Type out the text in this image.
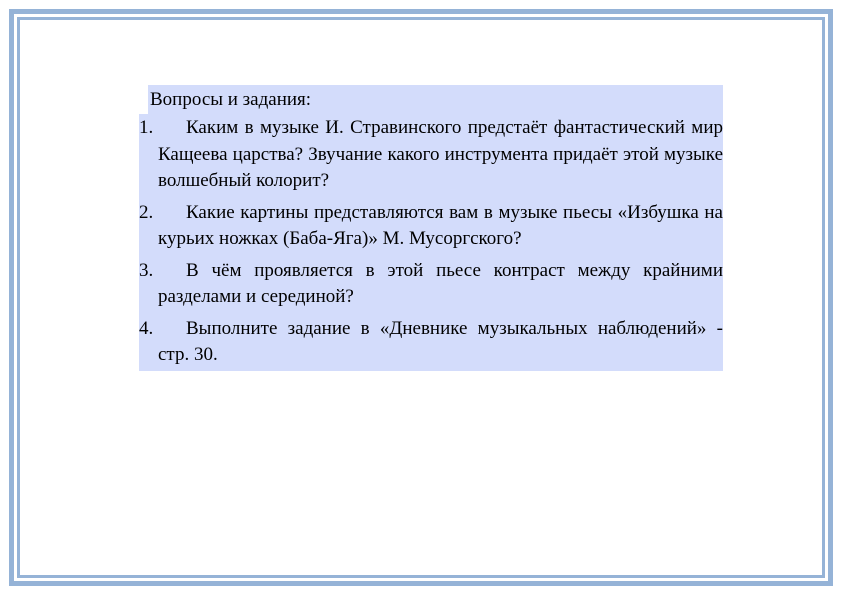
Вопросы и задания:
1.	Каким в музыке И. Стравинского предстаёт фантастический мир Кащеева царства? Звучание какого инструмента придаёт этой музыке волшебный колорит?
2.	Какие картины представляются вам в музыке пьесы «Избушка на курьих ножках (Баба-Яга)» М. Мусоргского?
3.	В чём проявляется в этой пьесе контраст между крайними разделами и серединой?
4.	Выполните задание в «Дневнике музыкальных наблюдений» - стр. 30.
